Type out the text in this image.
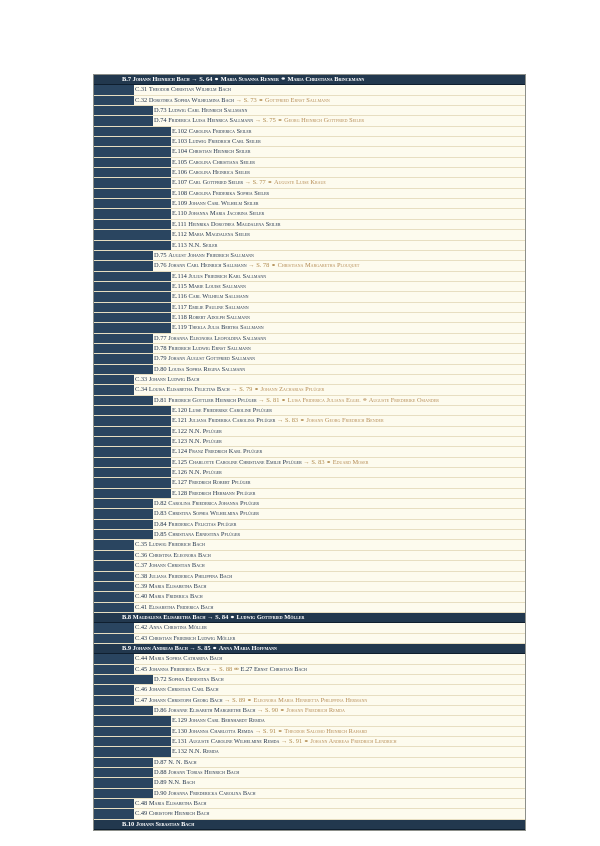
B.7 Johann Heinrich Bach → S. 64 ⚭ Maria Susanna Renner ⚭ Maria Christiana Brinckmann
C.31 Theodor Christian Wilhelm Bach
C.32 Dorothea Sophia Wilhelmina Bach → S. 73 ⚭ Gottfried Ernst Sallmann
D.73 Ludwig Carl Heinrich Sallmann
D.74 Friderica Luisa Heinrica Sallmann → S. 75 ⚭ Georg Heinrich Gottfried Seiler
E.102 Carolina Friderica Seiler
E.103 Ludwig Friedrich Carl Seiler
E.104 Christian Heinrich Seiler
E.105 Carolina Christiana Seiler
E.106 Carolina Heinrica Seiler
E.107 Carl Gottfried Seiler → S. 77 ⚭ Auguste Luise Kraue
E.108 Carolina Friderika Sophia Seiler
E.109 Johann Carl Wilhelm Seiler
E.110 Johanna Maria Jacobina Seiler
E.111 Heinrika Dorothea Magdalena Seiler
E.112 Maria Magdalena Seiler
E.113 N.N. Seiler
D.75 August Johann Friedrich Sallmann
D.76 Johann Carl Heinrich Sallmann → S. 78 ⚭ Christiana Margaretha Plouquet
E.114 Julius Friedrich Karl Sallmann
E.115 Marie Louise Sallmann
E.116 Carl Wilhelm Sallmann
E.117 Emilie Pauline Sallmann
E.118 Robert Adolph Sallmann
E.119 Thekla Julia Bertha Sallmann
D.77 Johanna Eleonora Leopoldina Sallmann
D.78 Friedrich Ludwig Ernst Sallmann
D.79 Johann August Gottfried Sallmann
D.80 Louisa Sophia Regina Sallmann
C.33 Johann Ludwig Bach
C.34 Louisa Elisabetha Felicitas Bach → S. 79 ⚭ Johann Zacharias Pflüger
D.81 Friedrich Gottlieb Heinrich Pflüger → S. 81 ⚭ Luisa Friderica Juliana Eggel ⚭ Auguste Friederike Osiander
E.120 Luise Friederike Caroline Pflüger
E.121 Juliana Friderika Carolina Pflüger → S. 83 ⚭ Johann Georg Friedrich Bender
E.122 N.N. Pflüger
E.123 N.N. Pflüger
E.124 Franz Friedrich Karl Pflüger
E.125 Charlotte Caroline Christiane Emilie Pflüger → S. 83 ⚭ Eduard Moser
E.126 N.N. Pflüger
E.127 Friedrich Robert Pflüger
E.128 Friedrich Hermann Pflüger
D.82 Carolina Friederica Johanna Pflüger
D.83 Christina Sophia Wilhelmina Pflüger
D.84 Friederica Felicitas Pflüger
D.85 Christiana Ernestina Pflüger
C.35 Ludwig Friedrich Bach
C.36 Christina Eleonora Bach
C.37 Johann Christian Bach
C.38 Juliana Friederica Philippina Bach
C.39 Maria Elisabetha Bach
C.40 Maria Friderica Bach
C.41 Elisabetha Friderica Bach
B.8 Magdalena Elisabetha Bach → S. 84 ⚭ Ludwig Gottfried Möller
C.42 Anna Christina Möller
C.43 Christian Friedrich Ludwig Möller
B.9 Johann Andreas Bach → S. 85 ⚭ Anna Maria Hoffmann
C.44 Maria Sophia Catharina Bach
C.45 Johanna Friederica Bach → S. 88 ⚮ E.27 Ernst Christian Bach
D.72 Sophia Ernestina Bach
C.46 Johann Christian Carl Bach
C.47 Johann Christoph Georg Bach → S. 89 ⚭ Eleonora Maria Henrietta Philippina Hermann
D.86 Johanne Elisabeth Margrethe Bach → S. 90 ⚭ Johann Friedrich Remda
E.129 Johann Carl Bernhardt Remda
E.130 Johanna Charlotta Remda → S. 91 ⚭ Theodor Salomo Heinrich Rahard
E.131 Auguste Caroline Wilhelmine Remda → S. 91 ⚭ Johann Andreas Friedrich Lendrich
E.132 N.N. Remda
D.87 N. N. Bach
D.88 Johann Tobias Heinrich Bach
D.89 N.N. Bach
D.90 Johanna Friedericka Carolina Bach
C.48 Maria Elisabetha Bach
C.49 Christoph Heinrich Bach
B.10 Johann Sebastian Bach
